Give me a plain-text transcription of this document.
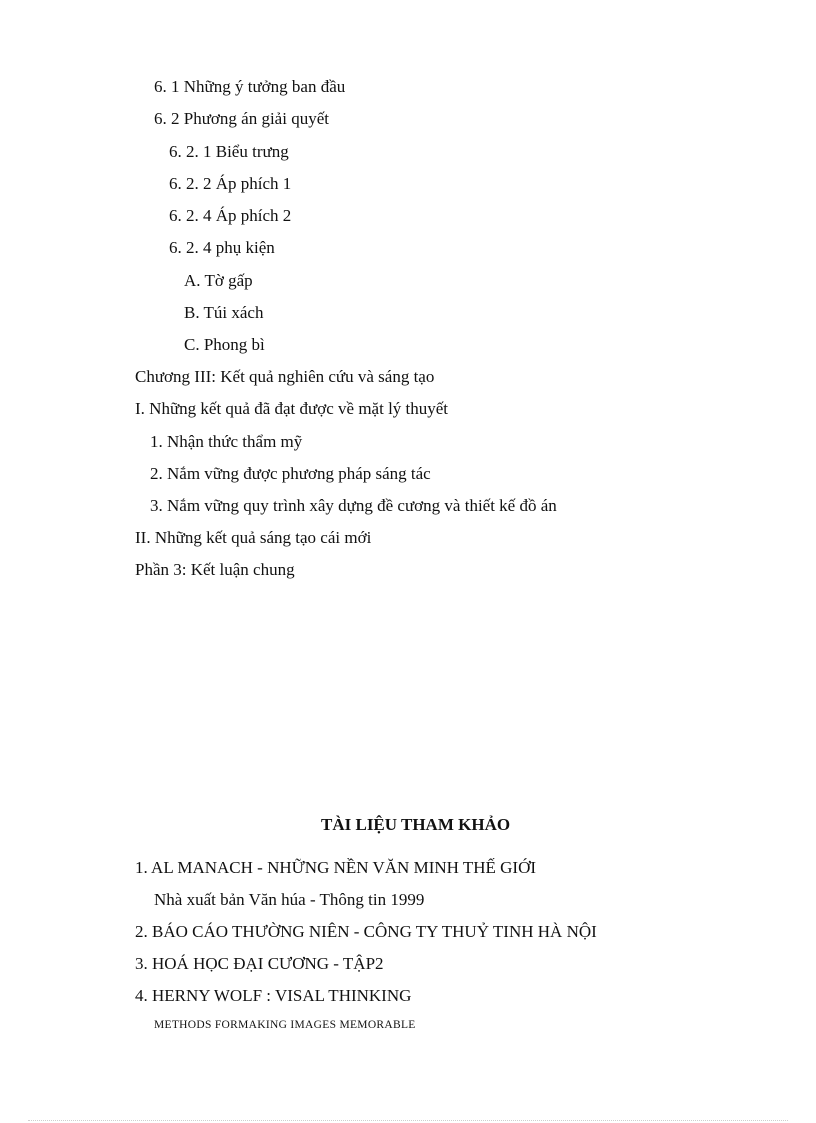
6. 1 Những ý tưởng ban đầu
6. 2 Phương án giải quyết
6. 2. 1 Biểu trưng
6. 2. 2 Áp phích 1
6. 2. 4 Áp phích 2
6. 2. 4 phụ kiện
A. Tờ gấp
B. Túi xách
C. Phong bì
Chương III: Kết quả nghiên cứu và sáng tạo
I. Những kết quả đã đạt được về mặt lý thuyết
1. Nhận thức thẩm mỹ
2. Nắm vững được phương pháp sáng tác
3. Nắm vững quy trình xây dựng đề cương và thiết kế đồ án
II. Những kết quả sáng tạo cái mới
Phần 3: Kết luận chung
TÀI LIỆU THAM KHẢO
1. AL MANACH - NHỮNG NỀN VĂN MINH THẾ GIỚI
Nhà xuất bản Văn húa - Thông tin 1999
2. BÁO CÁO THƯỜNG NIÊN - CÔNG TY THUỶ TINH HÀ NỘI
3. HOÁ HỌC ĐẠI CƯƠNG - TẬP2
4. HERNY WOLF : VISAL THINKING
METHODS FORMAKING IMAGES MEMORABLE
